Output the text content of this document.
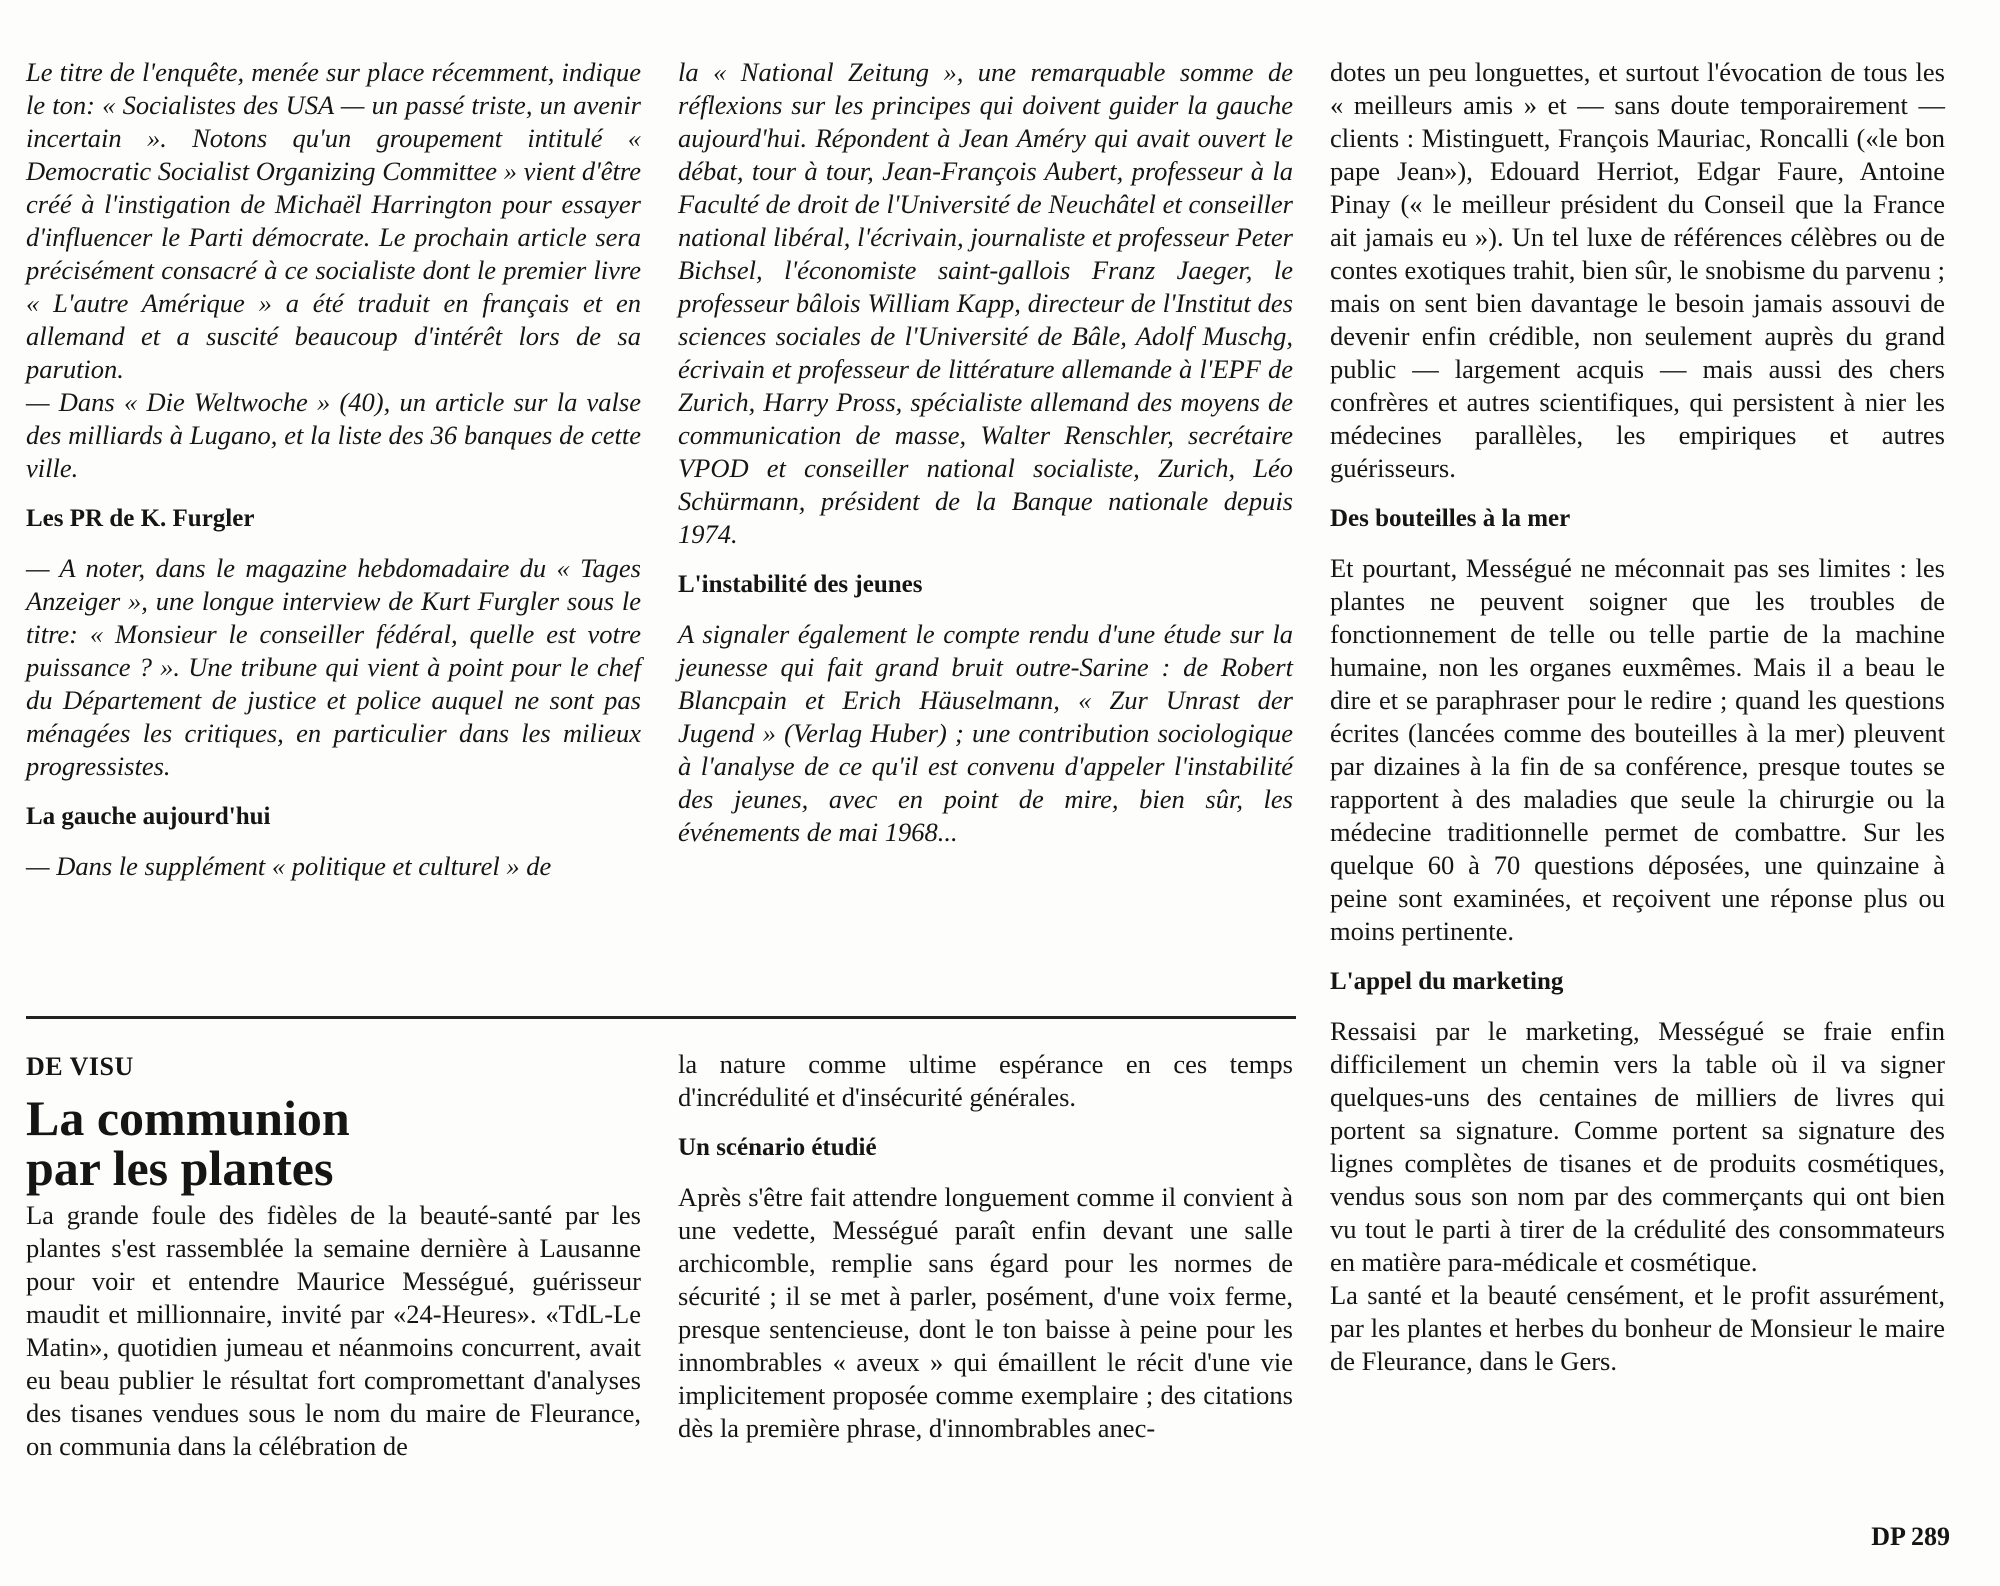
Le titre de l'enquête, menée sur place récemment, indique le ton: « Socialistes des USA — un passé triste, un avenir incertain ». Notons qu'un groupement intitulé « Democratic Socialist Organizing Committee » vient d'être créé à l'instigation de Michaël Harrington pour essayer d'influencer le Parti démocrate. Le prochain article sera précisément consacré à ce socialiste dont le premier livre « L'autre Amérique » a été traduit en français et en allemand et a suscité beaucoup d'intérêt lors de sa parution.

— Dans « Die Weltwoche » (40), un article sur la valse des milliards à Lugano, et la liste des 36 banques de cette ville.

Les PR de K. Furgler

— A noter, dans le magazine hebdomadaire du « Tages Anzeiger », une longue interview de Kurt Furgler sous le titre: « Monsieur le conseiller fédéral, quelle est votre puissance ? ». Une tribune qui vient à point pour le chef du Département de justice et police auquel ne sont pas ménagées les critiques, en particulier dans les milieux progressistes.

La gauche aujourd'hui

— Dans le supplément « politique et culturel » de

la « National Zeitung », une remarquable somme de réflexions sur les principes qui doivent guider la gauche aujourd'hui. Répondent à Jean Améry qui avait ouvert le débat, tour à tour, Jean-François Aubert, professeur à la Faculté de droit de l'Université de Neuchâtel et conseiller national libéral, l'écrivain, journaliste et professeur Peter Bichsel, l'économiste saint-gallois Franz Jaeger, le professeur bâlois William Kapp, directeur de l'Institut des sciences sociales de l'Université de Bâle, Adolf Muschg, écrivain et professeur de littérature allemande à l'EPF de Zurich, Harry Pross, spécialiste allemand des moyens de communication de masse, Walter Renschler, secrétaire VPOD et conseiller national socialiste, Zurich, Léo Schürmann, président de la Banque nationale depuis 1974.

L'instabilité des jeunes

A signaler également le compte rendu d'une étude sur la jeunesse qui fait grand bruit outre-Sarine : de Robert Blancpain et Erich Häuselmann, « Zur Unrast der Jugend » (Verlag Huber) ; une contribution sociologique à l'analyse de ce qu'il est convenu d'appeler l'instabilité des jeunes, avec en point de mire, bien sûr, les événements de mai 1968...

dotes un peu longuettes, et surtout l'évocation de tous les « meilleurs amis » et — sans doute temporairement — clients : Mistinguett, François Mauriac, Roncalli («le bon pape Jean»), Edouard Herriot, Edgar Faure, Antoine Pinay (« le meilleur président du Conseil que la France ait jamais eu »). Un tel luxe de références célèbres ou de contes exotiques trahit, bien sûr, le snobisme du parvenu ; mais on sent bien davantage le besoin jamais assouvi de devenir enfin crédible, non seulement auprès du grand public — largement acquis — mais aussi des chers confrères et autres scientifiques, qui persistent à nier les médecines parallèles, les empiriques et autres guérisseurs.

Des bouteilles à la mer

Et pourtant, Mességué ne méconnait pas ses limites : les plantes ne peuvent soigner que les troubles de fonctionnement de telle ou telle partie de la machine humaine, non les organes euxmêmes. Mais il a beau le dire et se paraphraser pour le redire ; quand les questions écrites (lancées comme des bouteilles à la mer) pleuvent par dizaines à la fin de sa conférence, presque toutes se rapportent à des maladies que seule la chirurgie ou la médecine traditionnelle permet de combattre. Sur les quelque 60 à 70 questions déposées, une quinzaine à peine sont examinées, et reçoivent une réponse plus ou moins pertinente.

L'appel du marketing

Ressaisi par le marketing, Mességué se fraie enfin difficilement un chemin vers la table où il va signer quelques-uns des centaines de milliers de livres qui portent sa signature. Comme portent sa signature des lignes complètes de tisanes et de produits cosmétiques, vendus sous son nom par des commerçants qui ont bien vu tout le parti à tirer de la crédulité des consommateurs en matière para-médicale et cosmétique.

La santé et la beauté censément, et le profit assurément, par les plantes et herbes du bonheur de Monsieur le maire de Fleurance, dans le Gers.

DE VISU

La communion

par les plantes

La grande foule des fidèles de la beauté-santé par les plantes s'est rassemblée la semaine dernière à Lausanne pour voir et entendre Maurice Mességué, guérisseur maudit et millionnaire, invité par «24-Heures». «TdL-Le Matin», quotidien jumeau et néanmoins concurrent, avait eu beau publier le résultat fort compromettant d'analyses des tisanes vendues sous le nom du maire de Fleurance, on communia dans la célébration de

la nature comme ultime espérance en ces temps d'incrédulité et d'insécurité générales.

Un scénario étudié

Après s'être fait attendre longuement comme il convient à une vedette, Mességué paraît enfin devant une salle archicomble, remplie sans égard pour les normes de sécurité ; il se met à parler, posément, d'une voix ferme, presque sentencieuse, dont le ton baisse à peine pour les innombrables « aveux » qui émaillent le récit d'une vie implicitement proposée comme exemplaire ; des citations dès la première phrase, d'innombrables anec-

DP 289
